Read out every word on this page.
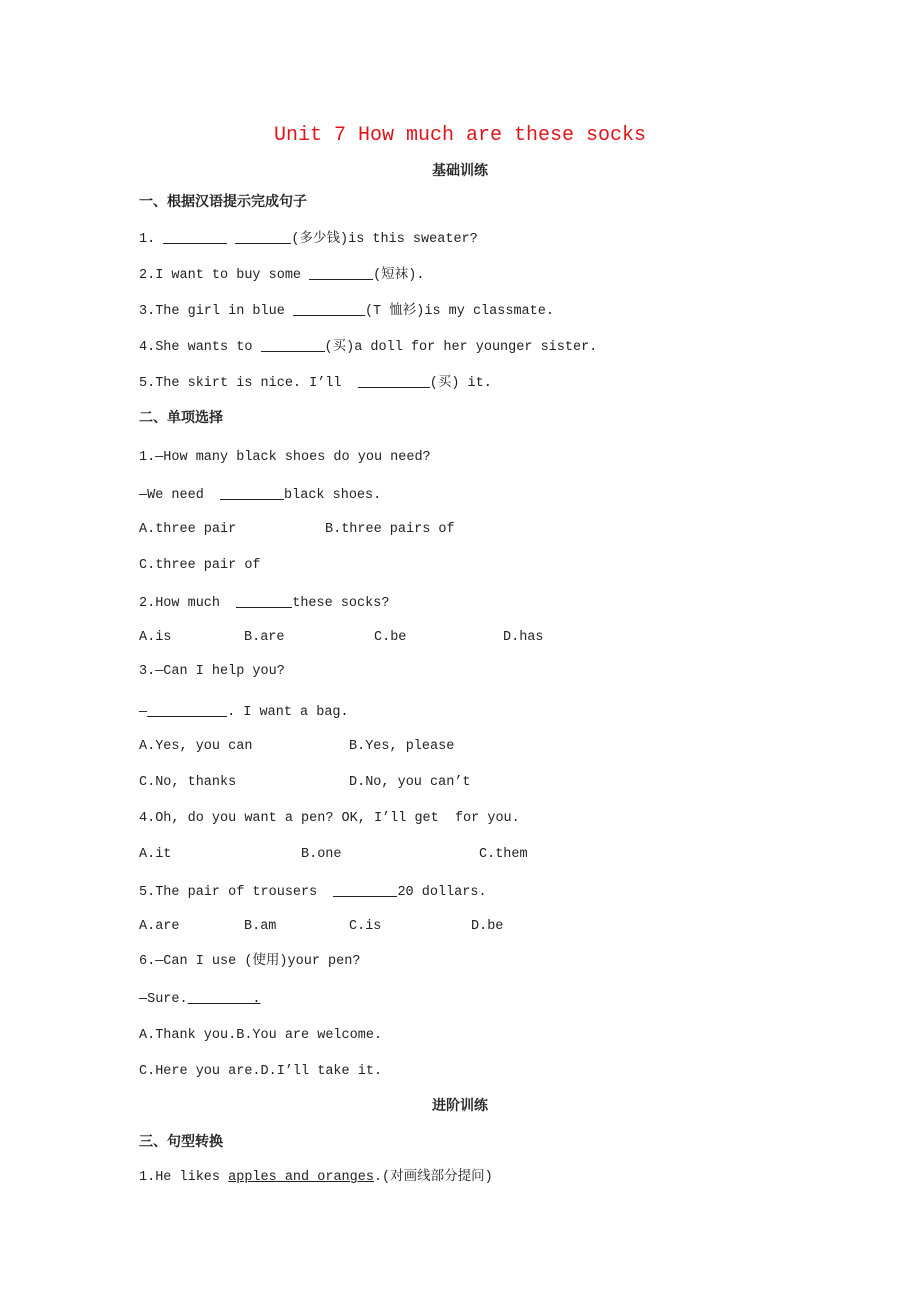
Unit 7 How much are these socks
基础训练
一、根据汉语提示完成句子
1.	(多少钱)is this sweater?
2.I want to buy some	(短袜).
3.The girl in blue	(T 恤衫)is my classmate.
4.She wants to	(买)a doll for her younger sister.
5.The skirt is nice. I’ll	(买) it.
二、单项选择
1.—How many black shoes do you need?
—We need	black shoes.
A.three pair	B.three pairs of
C.three pair of
2.How much	these socks?
A.is	B.are	C.be	D.has
3.—Can I help you?
—	. I want a bag.
A.Yes, you can	B.Yes, please
C.No, thanks	D.No, you can’t
4.Oh, do you want a pen? OK, I’ll get  for you.
A.it	B.one	C.them
5.The pair of trousers	20 dollars.
A.are	B.am	C.is	D.be
6.—Can I use (使用)your pen?
—Sure.	.
A.Thank you.B.You are welcome.
C.Here you are.D.I’ll take it.
进阶训练
三、句型转换
1.He likes apples and oranges.(对画线部分提问)
